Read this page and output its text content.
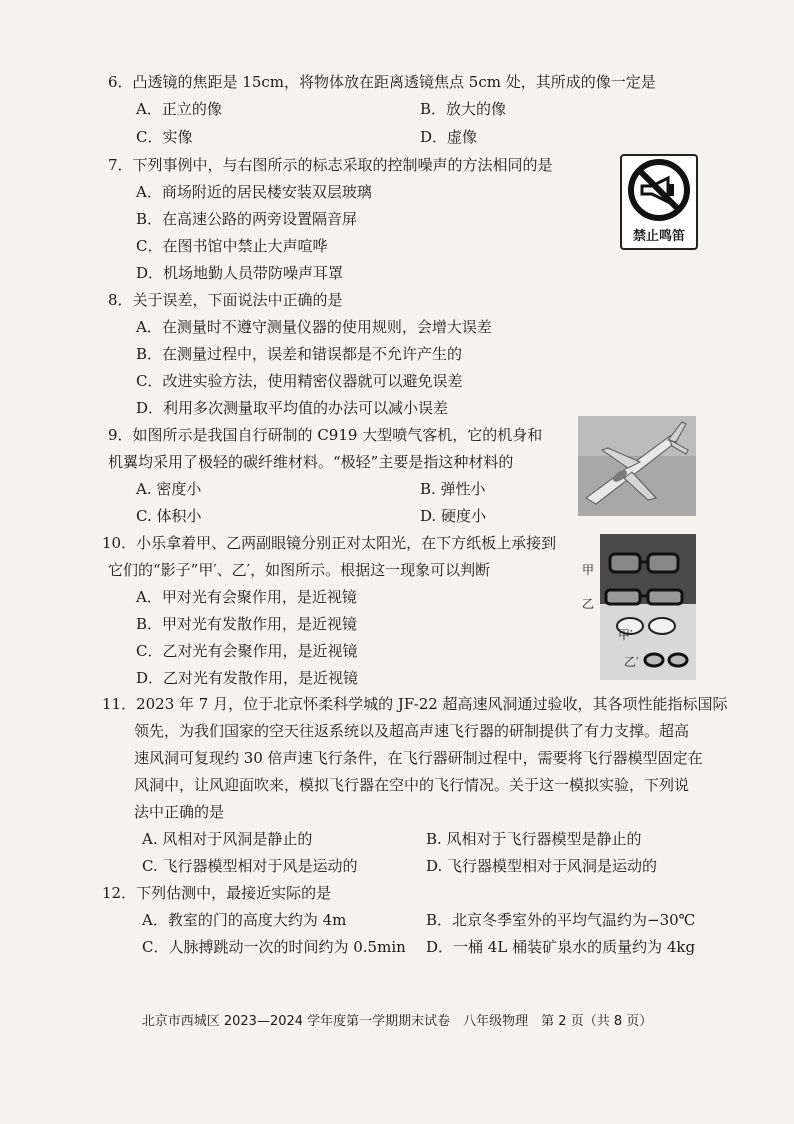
6．凸透镜的焦距是 15cm，将物体放在距离透镜焦点 5cm 处，其所成的像一定是
A．正立的像	B．放大的像
C．实像	D．虚像
7．下列事例中，与右图所示的标志采取的控制噪声的方法相同的是
A．商场附近的居民楼安装双层玻璃
B．在高速公路的两旁设置隔音屏
C．在图书馆中禁止大声喧哗
D．机场地勤人员带防噪声耳罩
禁止鸣笛
8．关于误差，下面说法中正确的是
A．在测量时不遵守测量仪器的使用规则，会增大误差
B．在测量过程中，误差和错误都是不允许产生的
C．改进实验方法，使用精密仪器就可以避免误差
D．利用多次测量取平均值的办法可以减小误差
9．如图所示是我国自行研制的 C919 大型喷气客机，它的机身和
机翼均采用了极轻的碳纤维材料。“极轻”主要是指这种材料的
A. 密度小	B. 弹性小
C. 体积小	D. 硬度小
10．小乐拿着甲、乙两副眼镜分别正对太阳光，在下方纸板上承接到
它们的“影子”甲′、乙′，如图所示。根据这一现象可以判断
A．甲对光有会聚作用，是近视镜
B．甲对光有发散作用，是近视镜
C．乙对光有会聚作用，是近视镜
D．乙对光有发散作用，是近视镜
甲
乙
甲′
乙′
11．2023 年 7 月，位于北京怀柔科学城的 JF-22 超高速风洞通过验收，其各项性能指标国际
领先，为我们国家的空天往返系统以及超高声速飞行器的研制提供了有力支撑。超高
速风洞可复现约 30 倍声速飞行条件，在飞行器研制过程中，需要将飞行器模型固定在
风洞中，让风迎面吹来，模拟飞行器在空中的飞行情况。关于这一模拟实验，下列说
法中正确的是
A. 风相对于风洞是静止的	B. 风相对于飞行器模型是静止的
C. 飞行器模型相对于风是运动的	D. 飞行器模型相对于风洞是运动的
12．下列估测中，最接近实际的是
A．教室的门的高度大约为 4m	B．北京冬季室外的平均气温约为−30℃
C．人脉搏跳动一次的时间约为 0.5min D．一桶 4L 桶装矿泉水的质量约为 4kg
北京市西城区 2023—2024 学年度第一学期期末试卷　八年级物理　第 2 页（共 8 页）
